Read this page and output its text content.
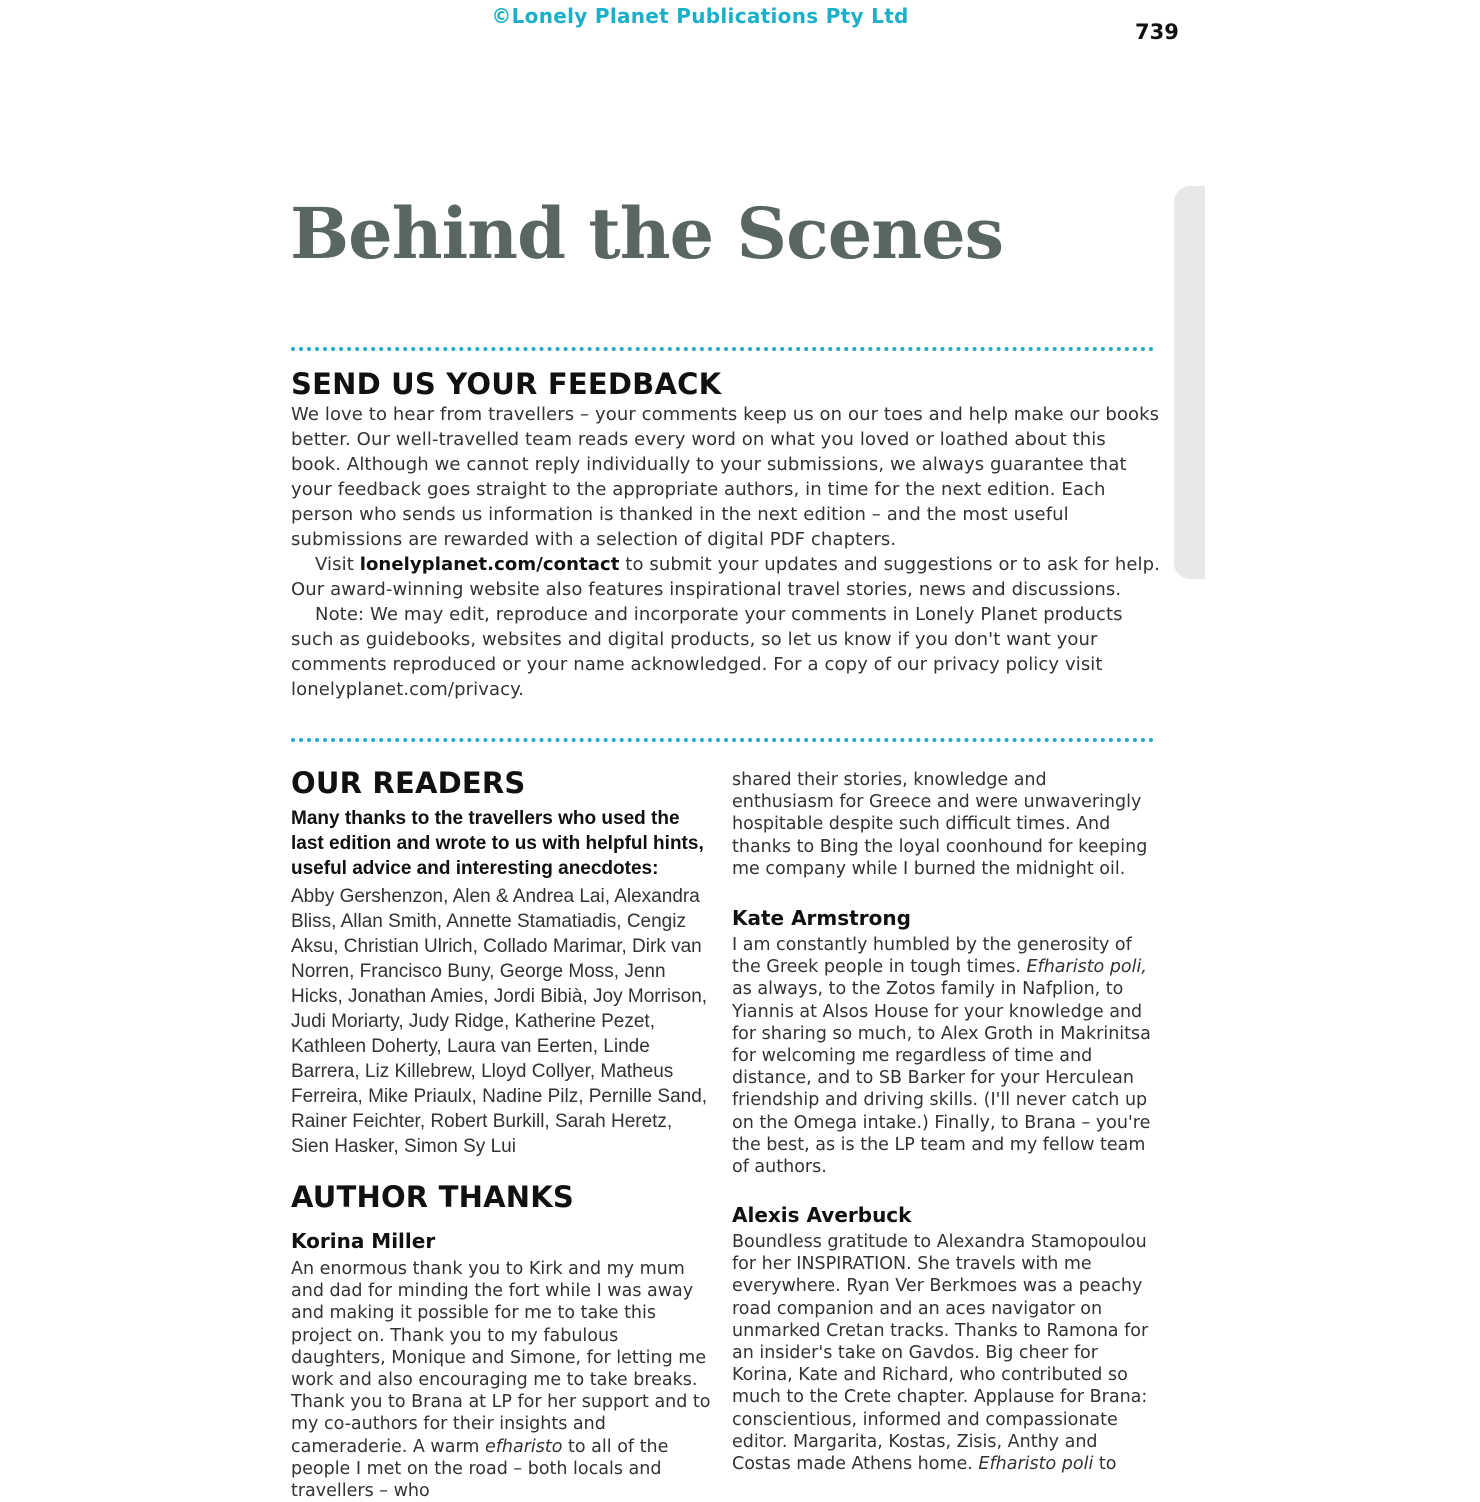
©Lonely Planet Publications Pty Ltd
739
Behind the Scenes
SEND US YOUR FEEDBACK

We love to hear from travellers – your comments keep us on our toes and help make our books better. Our well-travelled team reads every word on what you loved or loathed about this book. Although we cannot reply individually to your submissions, we always guarantee that your feedback goes straight to the appropriate authors, in time for the next edition. Each person who sends us information is thanked in the next edition – and the most useful submissions are rewarded with a selection of digital PDF chapters.

Visit lonelyplanet.com/contact to submit your updates and suggestions or to ask for help. Our award-winning website also features inspirational travel stories, news and discussions.

Note: We may edit, reproduce and incorporate your comments in Lonely Planet products such as guidebooks, websites and digital products, so let us know if you don't want your comments reproduced or your name acknowledged. For a copy of our privacy policy visit lonelyplanet.com/privacy.

OUR READERS
Many thanks to the travellers who used the last edition and wrote to us with helpful hints, useful advice and interesting anecdotes:
Abby Gershenzon, Alen & Andrea Lai, Alexandra Bliss, Allan Smith, Annette Stamatiadis, Cengiz Aksu, Christian Ulrich, Collado Marimar, Dirk van Norren, Francisco Buny, George Moss, Jenn Hicks, Jonathan Amies, Jordi Bibià, Joy Morrison, Judi Moriarty, Judy Ridge, Katherine Pezet, Kathleen Doherty, Laura van Eerten, Linde Barrera, Liz Killebrew, Lloyd Collyer, Matheus Ferreira, Mike Priaulx, Nadine Pilz, Pernille Sand, Rainer Feichter, Robert Burkill, Sarah Heretz, Sien Hasker, Simon Sy Lui
AUTHOR THANKS
Korina Miller

An enormous thank you to Kirk and my mum and dad for minding the fort while I was away and making it possible for me to take this project on. Thank you to my fabulous daughters, Monique and Simone, for letting me work and also encouraging me to take breaks. Thank you to Brana at LP for her support and to my co-authors for their insights and cameraderie. A warm efharisto to all of the people I met on the road – both locals and travellers – who

shared their stories, knowledge and enthusiasm for Greece and were unwaveringly hospitable despite such difficult times. And thanks to Bing the loyal coonhound for keeping me company while I burned the midnight oil.

Kate Armstrong

I am constantly humbled by the generosity of the Greek people in tough times. Efharisto poli, as always, to the Zotos family in Nafplion, to Yiannis at Alsos House for your knowledge and for sharing so much, to Alex Groth in Makrinitsa for welcoming me regardless of time and distance, and to SB Barker for your Herculean friendship and driving skills. (I'll never catch up on the Omega intake.) Finally, to Brana – you're the best, as is the LP team and my fellow team of authors.

Alexis Averbuck

Boundless gratitude to Alexandra Stamopoulou for her INSPIRATION. She travels with me everywhere. Ryan Ver Berkmoes was a peachy road companion and an aces navigator on unmarked Cretan tracks. Thanks to Ramona for an insider's take on Gavdos. Big cheer for Korina, Kate and Richard, who contributed so much to the Crete chapter. Applause for Brana: conscientious, informed and compassionate editor. Margarita, Kostas, Zisis, Anthy and Costas made Athens home. Efharisto poli to
